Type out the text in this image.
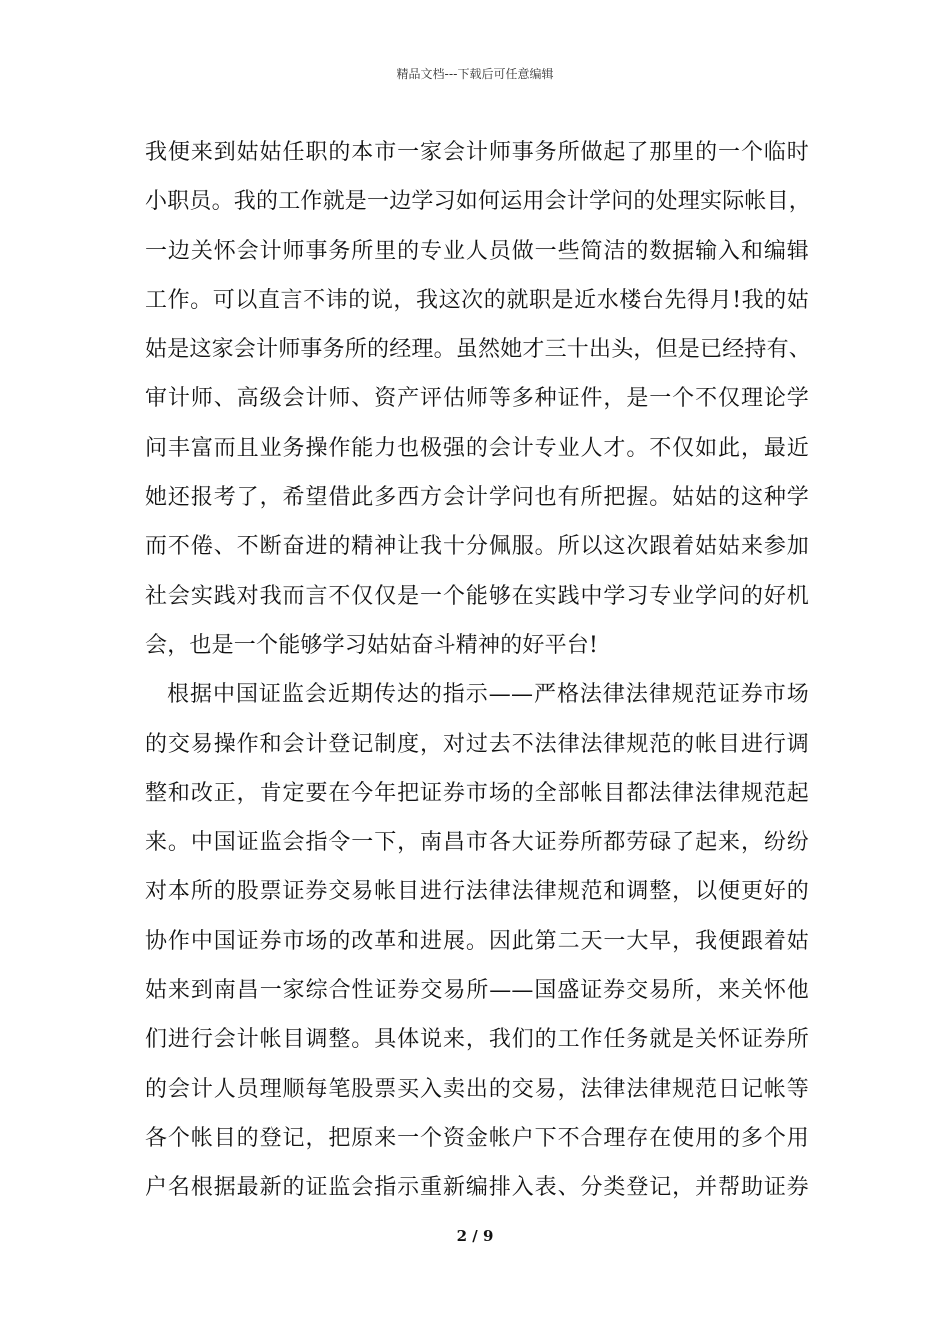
精品文档---下载后可任意编辑
我便来到姑姑任职的本市一家会计师事务所做起了那里的一个临时
小职员。我的工作就是一边学习如何运用会计学问的处理实际帐目，
一边关怀会计师事务所里的专业人员做一些简洁的数据输入和编辑
工作。可以直言不讳的说，我这次的就职是近水楼台先得月!我的姑
姑是这家会计师事务所的经理。虽然她才三十出头，但是已经持有、
审计师、高级会计师、资产评估师等多种证件，是一个不仅理论学
问丰富而且业务操作能力也极强的会计专业人才。不仅如此，最近
她还报考了，希望借此多西方会计学问也有所把握。姑姑的这种学
而不倦、不断奋进的精神让我十分佩服。所以这次跟着姑姑来参加
社会实践对我而言不仅仅是一个能够在实践中学习专业学问的好机
会，也是一个能够学习姑姑奋斗精神的好平台!
根据中国证监会近期传达的指示——严格法律法律规范证券市场
的交易操作和会计登记制度，对过去不法律法律规范的帐目进行调
整和改正，肯定要在今年把证券市场的全部帐目都法律法律规范起
来。中国证监会指令一下，南昌市各大证券所都劳碌了起来，纷纷
对本所的股票证券交易帐目进行法律法律规范和调整，以便更好的
协作中国证券市场的改革和进展。因此第二天一大早，我便跟着姑
姑来到南昌一家综合性证券交易所——国盛证券交易所，来关怀他
们进行会计帐目调整。具体说来，我们的工作任务就是关怀证券所
的会计人员理顺每笔股票买入卖出的交易，法律法律规范日记帐等
各个帐目的登记，把原来一个资金帐户下不合理存在使用的多个用
户名根据最新的证监会指示重新编排入表、分类登记，并帮助证券
2 / 9
